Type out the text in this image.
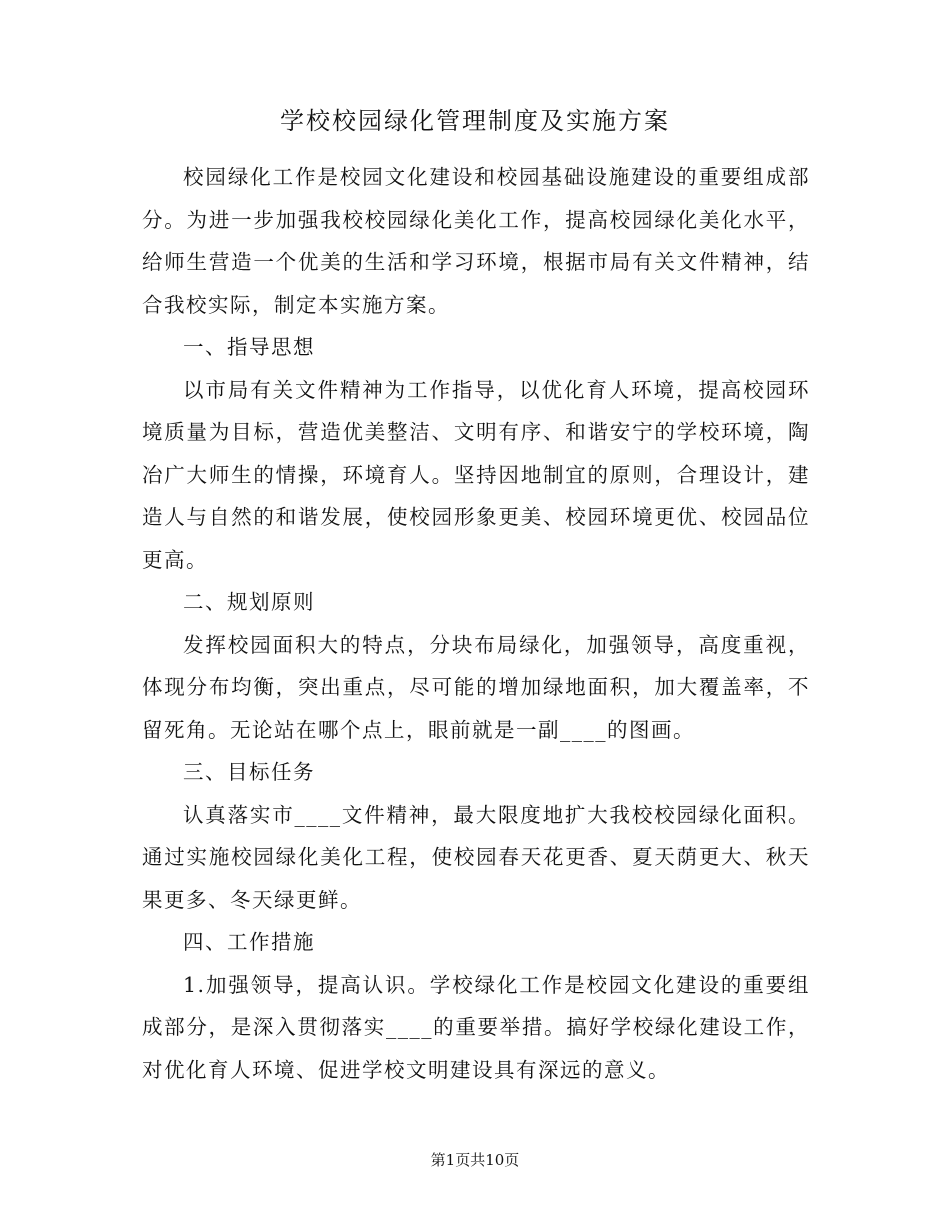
学校校园绿化管理制度及实施方案

校园绿化工作是校园文化建设和校园基础设施建设的重要组成部分。为进一步加强我校校园绿化美化工作，提高校园绿化美化水平，给师生营造一个优美的生活和学习环境，根据市局有关文件精神，结合我校实际，制定本实施方案。

一、指导思想

以市局有关文件精神为工作指导，以优化育人环境，提高校园环境质量为目标，营造优美整洁、文明有序、和谐安宁的学校环境，陶冶广大师生的情操，环境育人。坚持因地制宜的原则，合理设计，建造人与自然的和谐发展，使校园形象更美、校园环境更优、校园品位更高。

二、规划原则

发挥校园面积大的特点，分块布局绿化，加强领导，高度重视，体现分布均衡，突出重点，尽可能的增加绿地面积，加大覆盖率，不留死角。无论站在哪个点上，眼前就是一副____的图画。

三、目标任务

认真落实市____文件精神，最大限度地扩大我校校园绿化面积。通过实施校园绿化美化工程，使校园春天花更香、夏天荫更大、秋天果更多、冬天绿更鲜。

四、工作措施

1.加强领导，提高认识。学校绿化工作是校园文化建设的重要组成部分，是深入贯彻落实____的重要举措。搞好学校绿化建设工作，对优化育人环境、促进学校文明建设具有深远的意义。

第1页共10页
